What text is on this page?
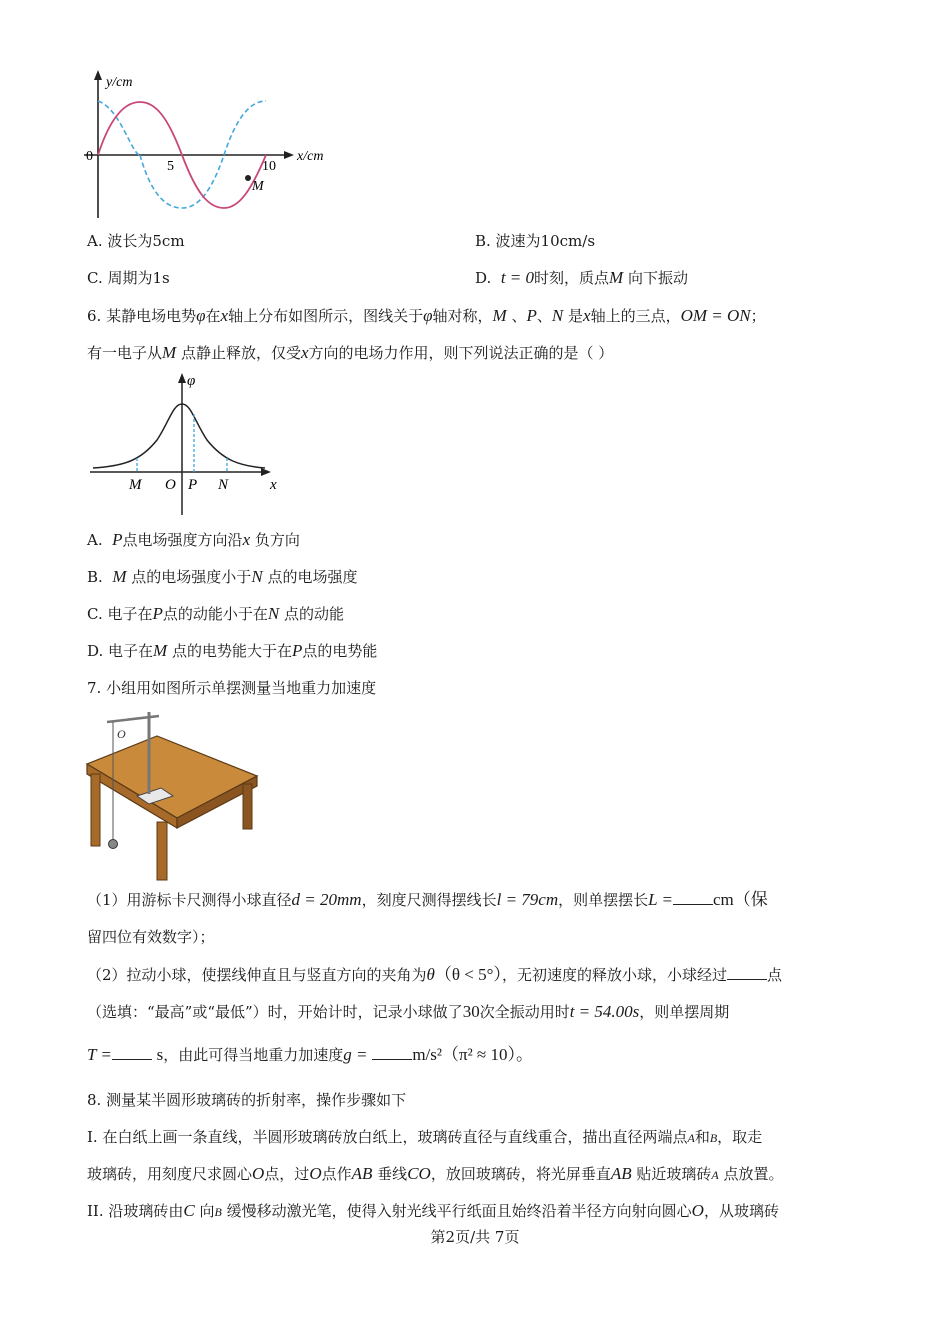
y/cm
x/cm
0
5	10
M
A. 波长为5cm	B. 波速为10cm/s
C. 周期为1s	D. t = 0时刻，质点M 向下振动
6. 某静电场电势φ在x轴上分布如图所示，图线关于φ轴对称，M 、P、N 是x轴上的三点，OM = ON；
有一电子从M 点静止释放，仅受x方向的电场力作用，则下列说法正确的是（ ）
φ
M O P N	x
A. P点电场强度方向沿x 负方向
B. M 点的电场强度小于N 点的电场强度
C. 电子在P点的动能小于在N 点的动能
D. 电子在M 点的电势能大于在P点的电势能
7. 小组用如图所示单摆测量当地重力加速度
O
（1）用游标卡尺测得小球直径d = 20mm，刻度尺测得摆线长l = 79cm，则单摆摆长L = cm（保
留四位有效数字）；
（2）拉动小球，使摆线伸直且与竖直方向的夹角为θ（θ < 5°），无初速度的释放小球，小球经过	点
（选填：“最高”或“最低”）时，开始计时，记录小球做了30次全振动用时t = 54.00s，则单摆周期
T =	s，由此可得当地重力加速度g =	m/s²（π² ≈ 10）。
8. 测量某半圆形玻璃砖的折射率，操作步骤如下
I. 在白纸上画一条直线，半圆形玻璃砖放白纸上，玻璃砖直径与直线重合，描出直径两端点A和B，取走
玻璃砖，用刻度尺求圆心O点，过O点作AB 垂线CO，放回玻璃砖，将光屏垂直AB 贴近玻璃砖A 点放置。
II. 沿玻璃砖由C 向B 缓慢移动激光笔，使得入射光线平行纸面且始终沿着半径方向射向圆心O，从玻璃砖
第2页/共 7页
